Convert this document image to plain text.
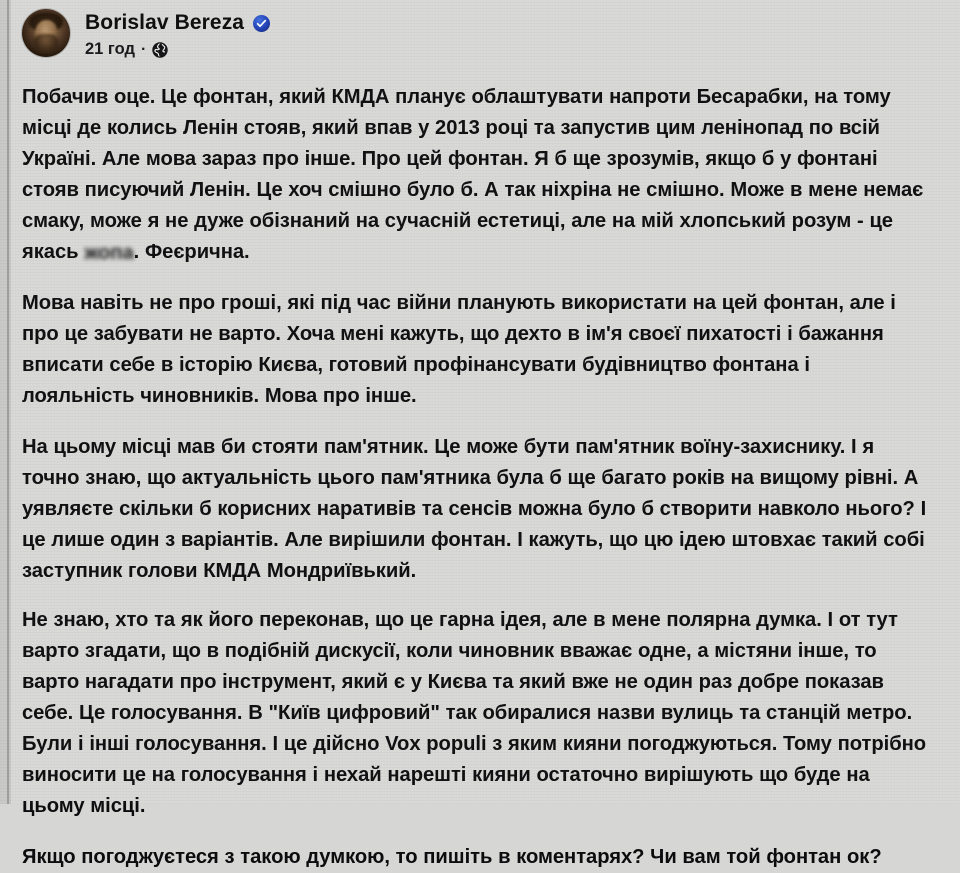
Borislav Bereza
21 год ·

Побачив оце. Це фонтан, який КМДА планує облаштувати напроти Бесарабки, на тому місці де колись Ленін стояв, який впав у 2013 році та запустив цим ленінопад по всій Україні. Але мова зараз про інше. Про цей фонтан. Я б ще зрозумів, якщо б у фонтані стояв писуючий Ленін. Це хоч смішно було б. А так ніхріна не смішно. Може в мене немає смаку, може я не дуже обізнаний на сучасній естетиці, але на мій хлопський розум - це якась жопа. Феєрична.

Мова навіть не про гроші, які під час війни планують використати на цей фонтан, але і про це забувати не варто. Хоча мені кажуть, що дехто в ім'я своєї пихатості і бажання вписати себе в історію Києва, готовий профінансувати будівництво фонтана і лояльність чиновників. Мова про інше.

На цьому місці мав би стояти пам'ятник. Це може бути пам'ятник воїну-захиснику. І я точно знаю, що актуальність цього пам'ятника була б ще багато років на вищому рівні. А уявляєте скільки б корисних наративів та сенсів можна було б створити навколо нього? І це лише один з варіантів. Але вирішили фонтан. І кажуть, що цю ідею штовхає такий собі заступник голови КМДА Мондриївький.

Не знаю, хто та як його переконав, що це гарна ідея, але в мене полярна думка. І от тут варто згадати, що в подібній дискусії, коли чиновник вважає одне, а містяни інше, то варто нагадати про інструмент, який є у Києва та який вже не один раз добре показав себе. Це голосування. В "Київ цифровий" так обиралися назви вулиць та станцій метро. Були і інші голосування. І це дійсно Vox populi з яким кияни погоджуються. Тому потрібно виносити це на голосування і нехай нарешті кияни остаточно вирішують що буде на цьому місці.

Якщо погоджуєтеся з такою думкою, то пишіть в коментарях? Чи вам той фонтан ок?
